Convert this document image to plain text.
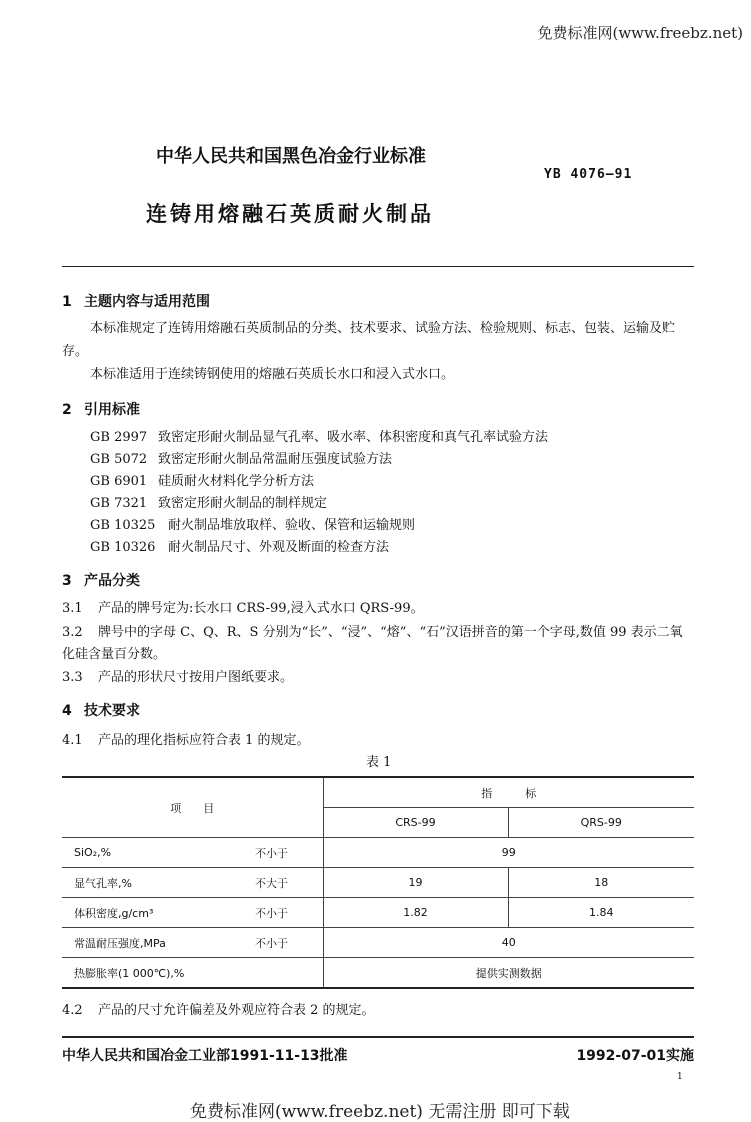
免费标准网(www.freebz.net)
中华人民共和国黑色冶金行业标准
YB 4076—91
连铸用熔融石英质耐火制品
1 主题内容与适用范围
本标准规定了连铸用熔融石英质制品的分类、技术要求、试验方法、检验规则、标志、包装、运输及贮
存。
本标准适用于连续铸钢使用的熔融石英质长水口和浸入式水口。
2 引用标准
GB 2997 致密定形耐火制品显气孔率、吸水率、体积密度和真气孔率试验方法
GB 5072 致密定形耐火制品常温耐压强度试验方法
GB 6901 硅质耐火材料化学分析方法
GB 7321 致密定形耐火制品的制样规定
GB 10325 耐火制品堆放取样、验收、保管和运输规则
GB 10326 耐火制品尺寸、外观及断面的检查方法
3 产品分类
3.1 产品的牌号定为:长水口 CRS-99,浸入式水口 QRS-99。
3.2 牌号中的字母 C、Q、R、S 分别为“长”、“浸”、“熔”、“石”汉语拼音的第一个字母,数值 99 表示二氧
化硅含量百分数。
3.3 产品的形状尺寸按用户图纸要求。
4 技术要求
4.1 产品的理化指标应符合表 1 的规定。
表 1
项　　目		指　　　标	
		CRS-99	QRS-99
SiO₂,%	不小于	99	
显气孔率,%	不大于	19	18
体积密度,g/cm³	不小于	1.82	1.84
常温耐压强度,MPa	不小于	40	
热膨胀率(1 000℃),%		提供实测数据	
4.2 产品的尺寸允许偏差及外观应符合表 2 的规定。
中华人民共和国冶金工业部1991-11-13批准	1992-07-01实施
1
免费标准网(www.freebz.net) 无需注册 即可下载
